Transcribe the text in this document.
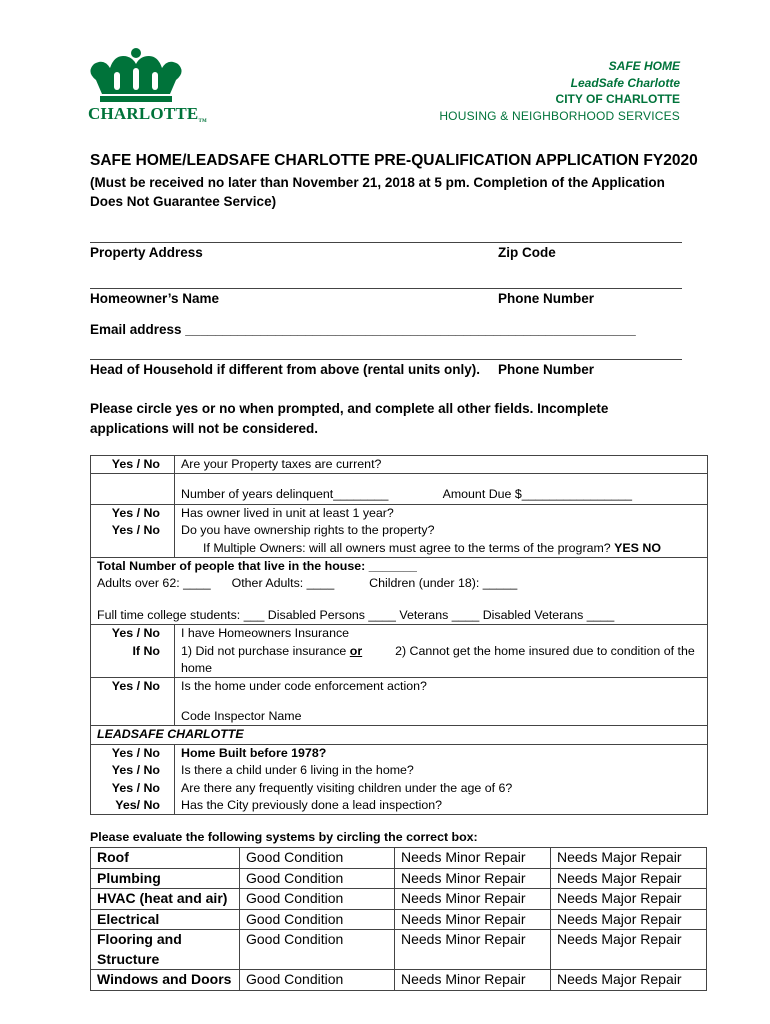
CHARLOTTETM
SAFE HOME
LeadSafe Charlotte
CITY OF CHARLOTTE
HOUSING & NEIGHBORHOOD SERVICES
SAFE HOME/LEADSAFE CHARLOTTE PRE-QUALIFICATION APPLICATION FY2020
(Must be received no later than November 21, 2018 at 5 pm. Completion of the Application Does Not Guarantee Service)
Property Address	Zip Code
Homeowner’s Name	Phone Number
Email address ____________________________________________________________
Head of Household if different from above (rental units only). Phone Number
Please circle yes or no when prompted, and complete all other fields. Incomplete applications will not be considered.
Yes / No	Are your Property taxes are current?
	Number of years delinquent________ Amount Due $________________
Yes / No	Has owner lived in unit at least 1 year?
Yes / No	Do you have ownership rights to the property?
	If Multiple Owners: will all owners must agree to the terms of the program? YES NO
Total Number of people that live in the house: _______
Adults over 62: ____ Other Adults: ____ Children (under 18): _____	
Full time college students: ___ Disabled Persons ____ Veterans ____ Disabled Veterans ____	
Yes / No	I have Homeowners Insurance
If No	1) Did not purchase insurance or 2) Cannot get the home insured due to condition of the home
Yes / No	Is the home under code enforcement action?
	Code Inspector Name
LEADSAFE CHARLOTTE	
Yes / No	Home Built before 1978?
Yes / No	Is there a child under 6 living in the home?
Yes / No	Are there any frequently visiting children under the age of 6?
Yes/ No	Has the City previously done a lead inspection?
Please evaluate the following systems by circling the correct box:
Roof	Good Condition	Needs Minor Repair	Needs Major Repair
Plumbing	Good Condition	Needs Minor Repair	Needs Major Repair
HVAC (heat and air)	Good Condition	Needs Minor Repair	Needs Major Repair
Electrical	Good Condition	Needs Minor Repair	Needs Major Repair
Flooring and Structure	Good Condition	Needs Minor Repair	Needs Major Repair
Windows and Doors	Good Condition	Needs Minor Repair	Needs Major Repair
